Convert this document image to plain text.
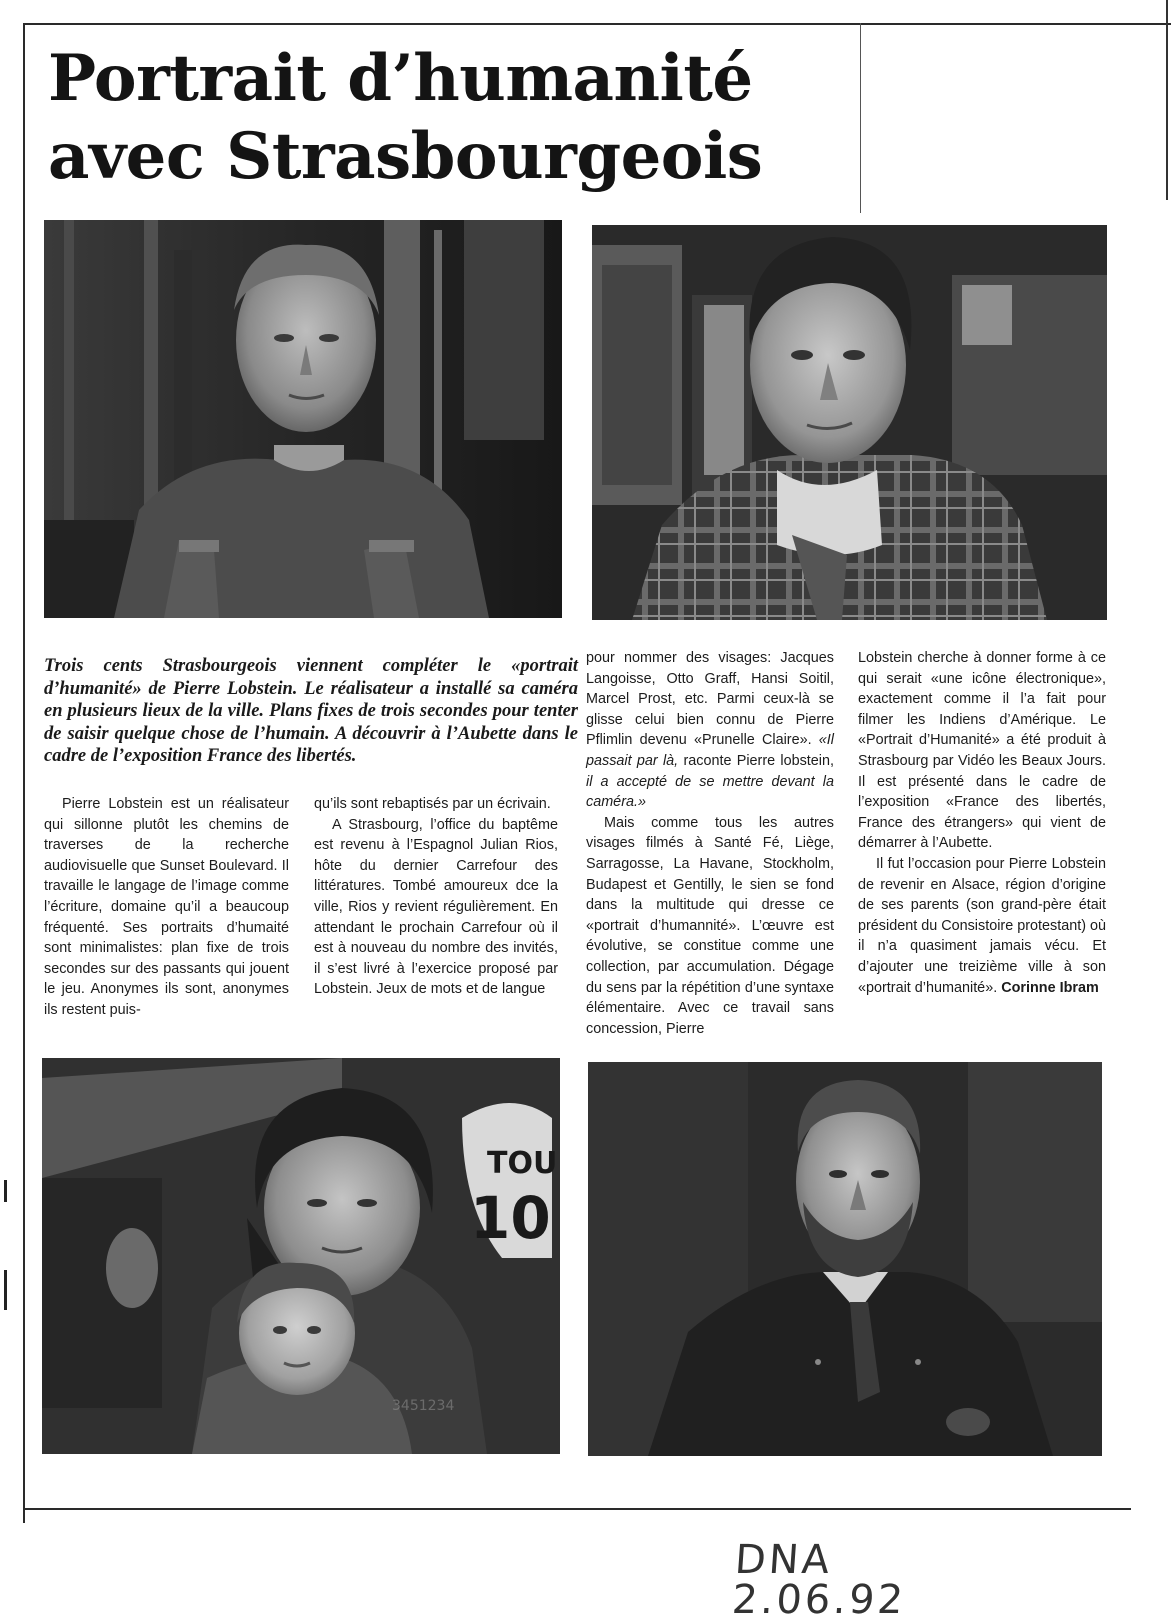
Portrait d’humanité
avec Strasbourgeois

Trois cents Strasbourgeois viennent compléter le «portrait d’humanité» de Pierre Lobstein. Le réalisateur a installé sa caméra en plusieurs lieux de la ville. Plans fixes de trois secondes pour tenter de saisir quelque chose de l’humain. A découvrir à l’Aubette dans le cadre de l’exposition France des libertés.

Pierre Lobstein est un réalisateur qui sillonne plutôt les chemins de traverses de la recherche audiovisuelle que Sunset Boulevard. Il travaille le langage de l’image comme l’écriture, domaine qu’il a beaucoup fréquenté. Ses portraits d’humaité sont minimalistes: plan fixe de trois secondes sur des passants qui jouent le jeu. Anonymes ils sont, anonymes ils restent puis-

qu’ils sont rebaptisés par un écrivain.

A Strasbourg, l’office du baptême est revenu à l’Espagnol Julian Rios, hôte du dernier Carrefour des littératures. Tombé amoureux dce la ville, Rios y revient régulièrement. En attendant le prochain Carrefour où il est à nouveau du nombre des invités, il s’est livré à l’exercice proposé par Lobstein. Jeux de mots et de langue

pour nommer des visages: Jacques Langoisse, Otto Graff, Hansi Soitil, Marcel Prost, etc. Parmi ceux-là se glisse celui bien connu de Pierre Pflimlin devenu «Prunelle Claire». «Il passait par là, raconte Pierre lobstein, il a accepté de se mettre devant la caméra.»

Mais comme tous les autres visages filmés à Santé Fé, Liège, Sarragosse, La Havane, Stockholm, Budapest et Gentilly, le sien se fond dans la multitude qui dresse ce «portrait d’humannité». L’œuvre est évolutive, se constitue comme une collection, par accumulation. Dégage du sens par la répétition d’une syntaxe élémentaire. Avec ce travail sans concession, Pierre

Lobstein cherche à donner forme à ce qui serait «une icône électronique», exactement comme il l’a fait pour filmer les Indiens d’Amérique. Le «Portrait d’Humanité» a été produit à Strasbourg par Vidéo les Beaux Jours. Il est présenté dans le cadre de l’exposition «France des libertés, France des étrangers» qui vient de démarrer à l’Aubette.

Il fut l’occasion pour Pierre Lobstein de revenir en Alsace, région d’origine de ses parents (son grand-père était président du Consistoire protestant) où il n’a quasiment jamais vécu. Et d’ajouter une treizième ville à son «portrait d’humanité». Corinne Ibram

TOU
10
3451234
DNA 2.06.92
